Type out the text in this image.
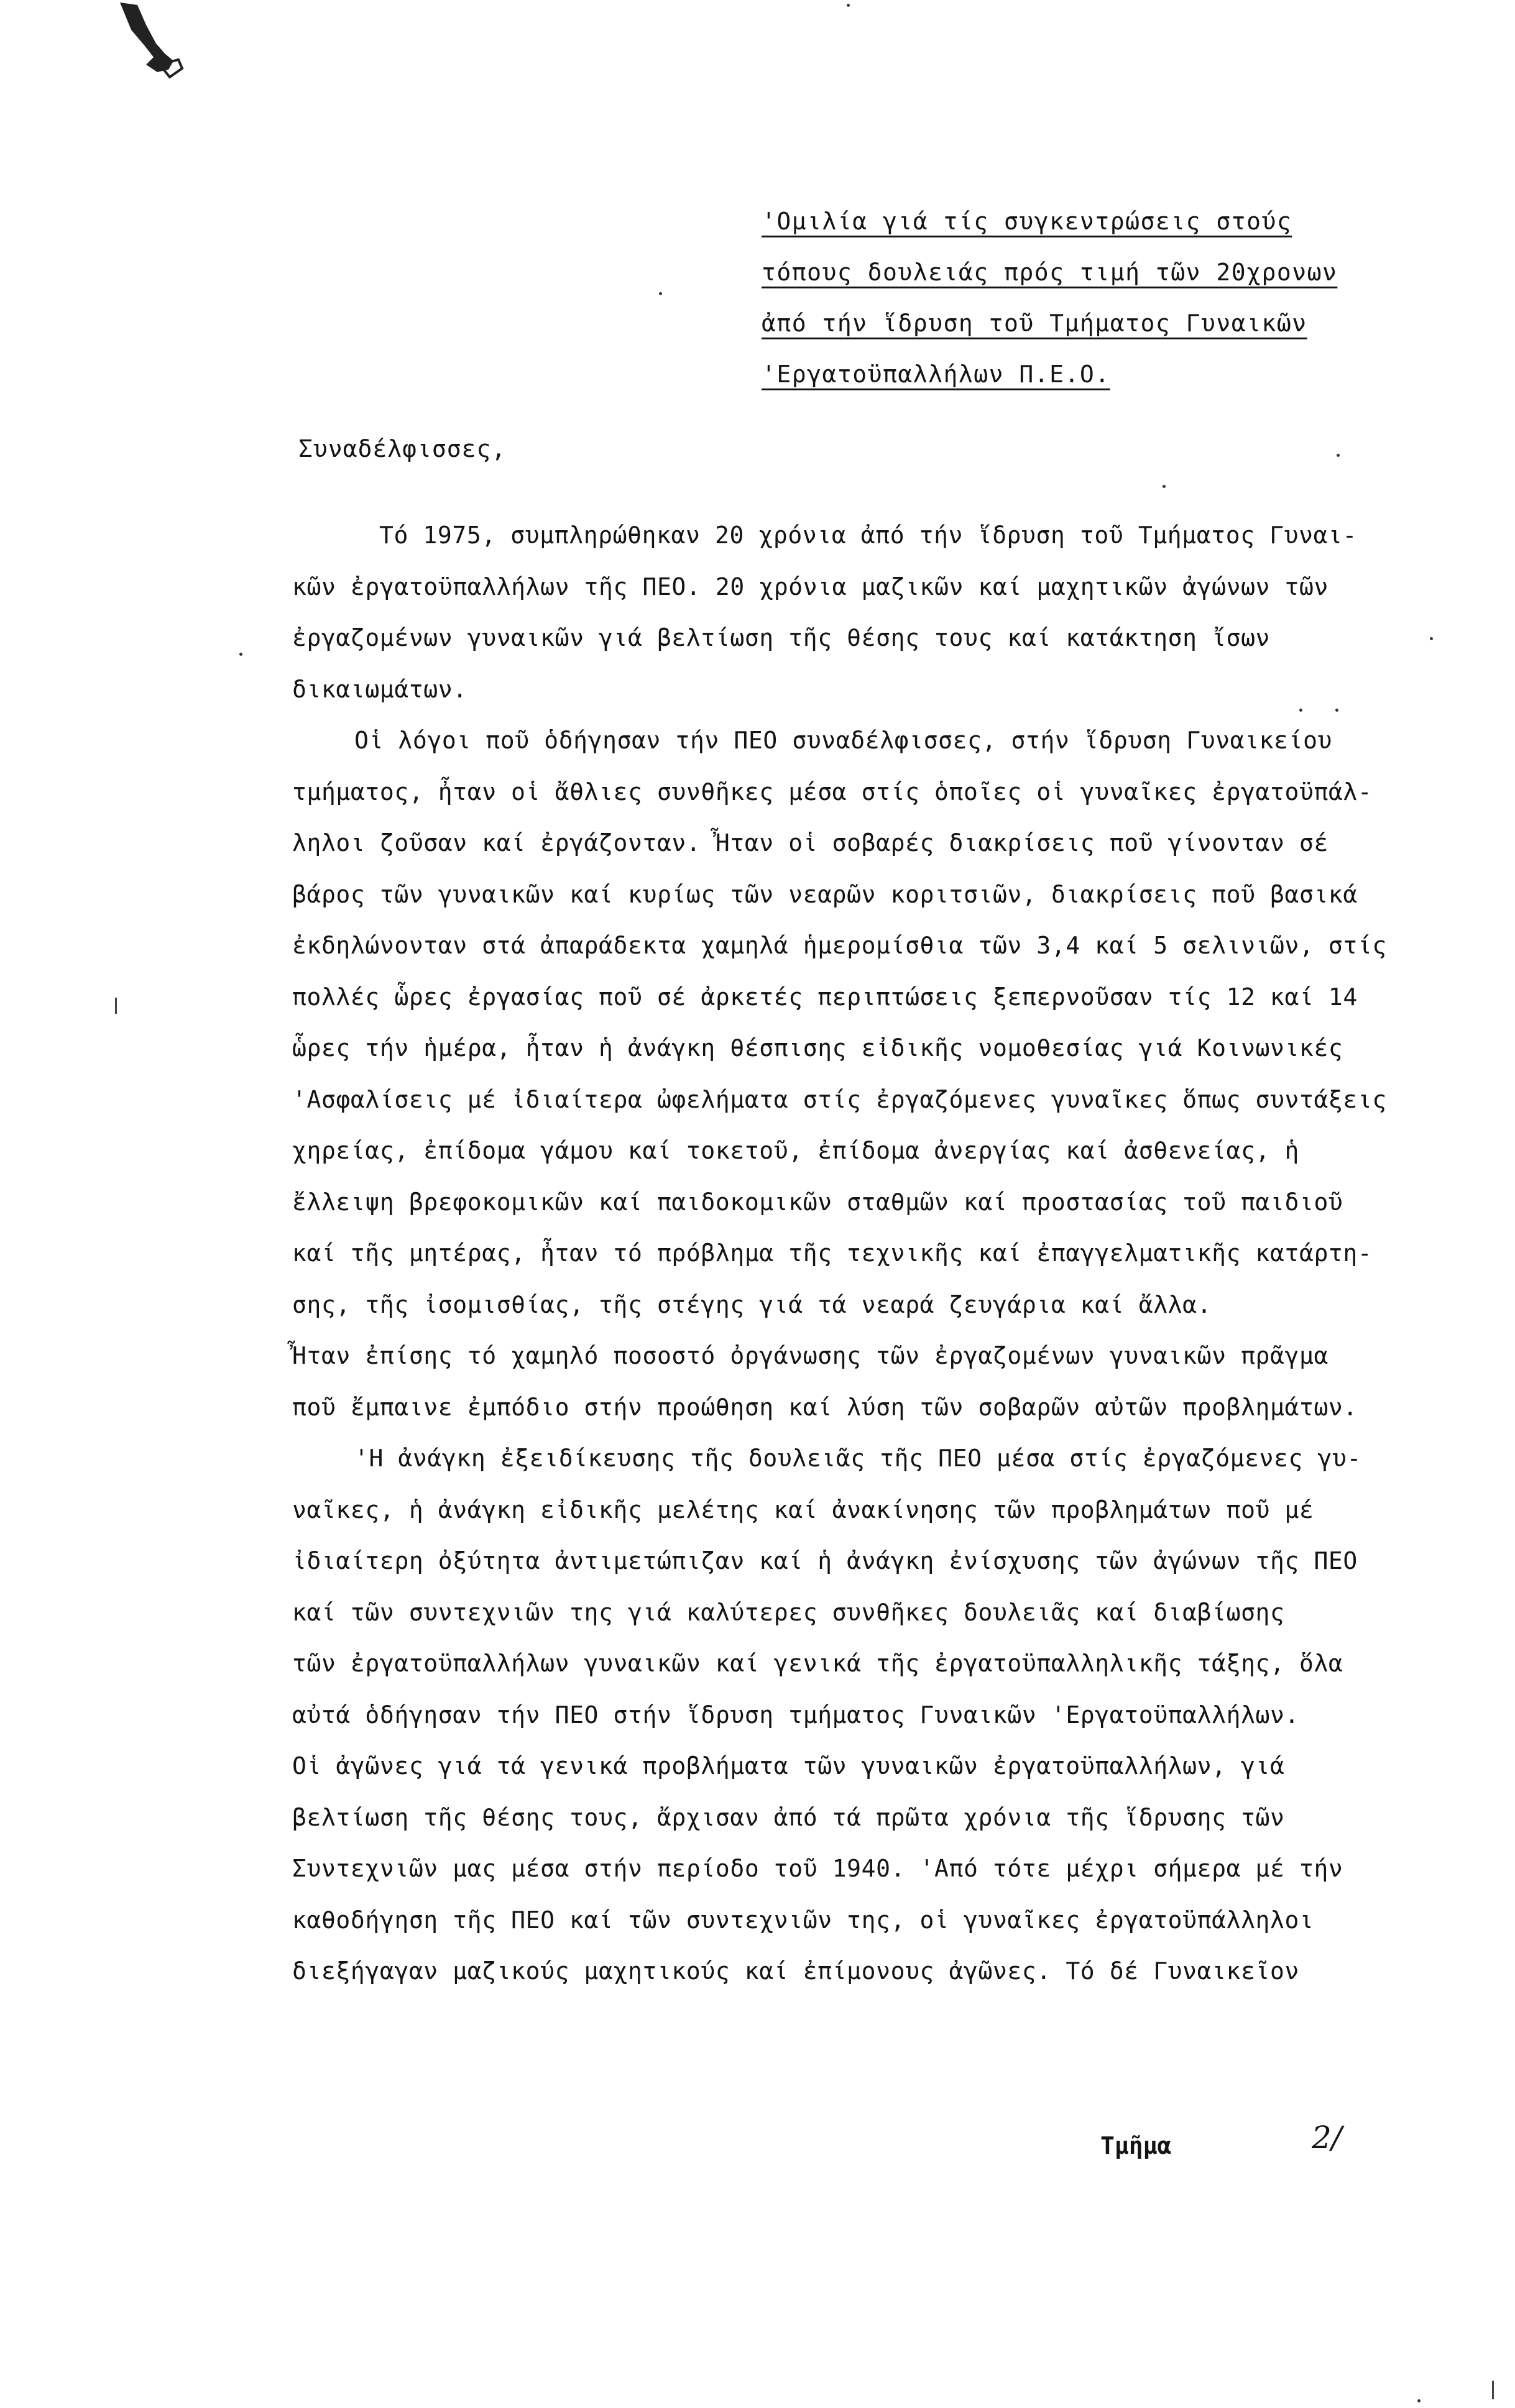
'Ομιλία γιά τίς συγκεντρώσεις στούς
τόπους δουλειάς πρός τιμή τῶν 20χρονων
ἀπό τήν ἵδρυση τοῦ Τμήματος Γυναικῶν
'Εργατοϋπαλλήλων Π.Ε.Ο.
Συναδέλφισσες,
Τό 1975, συμπληρώθηκαν 20 χρόνια ἀπό τήν ἵδρυση τοῦ Τμήματος Γυναι-
κῶν ἐργατοϋπαλλήλων τῆς ΠΕΟ. 20 χρόνια μαζικῶν καί μαχητικῶν ἀγώνων τῶν
ἐργαζομένων γυναικῶν γιά βελτίωση τῆς θέσης τους καί κατάκτηση ἴσων
δικαιωμάτων.
Οἱ λόγοι ποῦ ὁδήγησαν τήν ΠΕΟ συναδέλφισσες, στήν ἵδρυση Γυναικείου
τμήματος, ἦταν οἱ ἄθλιες συνθῆκες μέσα στίς ὁποῖες οἱ γυναῖκες ἐργατοϋπάλ-
ληλοι ζοῦσαν καί ἐργάζονταν. Ἦταν οἱ σοβαρές διακρίσεις ποῦ γίνονταν σέ
βάρος τῶν γυναικῶν καί κυρίως τῶν νεαρῶν κοριτσιῶν, διακρίσεις ποῦ βασικά
ἐκδηλώνονταν στά ἀπαράδεκτα χαμηλά ἡμερομίσθια τῶν 3,4 καί 5 σελινιῶν, στίς
πολλές ὧρες ἐργασίας ποῦ σέ ἀρκετές περιπτώσεις ξεπερνοῦσαν τίς 12 καί 14
ὧρες τήν ἡμέρα, ἦταν ἡ ἀνάγκη θέσπισης εἰδικῆς νομοθεσίας γιά Κοινωνικές
'Ασφαλίσεις μέ ἰδιαίτερα ὠφελήματα στίς ἐργαζόμενες γυναῖκες ὅπως συντάξεις
χηρείας, ἐπίδομα γάμου καί τοκετοῦ, ἐπίδομα ἀνεργίας καί ἀσθενείας, ἡ
ἔλλειψη βρεφοκομικῶν καί παιδοκομικῶν σταθμῶν καί προστασίας τοῦ παιδιοῦ
καί τῆς μητέρας, ἦταν τό πρόβλημα τῆς τεχνικῆς καί ἐπαγγελματικῆς κατάρτη-
σης, τῆς ἰσομισθίας, τῆς στέγης γιά τά νεαρά ζευγάρια καί ἄλλα.
Ἦταν ἐπίσης τό χαμηλό ποσοστό ὀργάνωσης τῶν ἐργαζομένων γυναικῶν πρᾶγμα
ποῦ ἔμπαινε ἐμπόδιο στήν προώθηση καί λύση τῶν σοβαρῶν αὐτῶν προβλημάτων.
'Η ἀνάγκη ἐξειδίκευσης τῆς δουλειᾶς τῆς ΠΕΟ μέσα στίς ἐργαζόμενες γυ-
ναῖκες, ἡ ἀνάγκη εἰδικῆς μελέτης καί ἀνακίνησης τῶν προβλημάτων ποῦ μέ
ἰδιαίτερη ὀξύτητα ἀντιμετώπιζαν καί ἡ ἀνάγκη ἐνίσχυσης τῶν ἀγώνων τῆς ΠΕΟ
καί τῶν συντεχνιῶν της γιά καλύτερες συνθῆκες δουλειᾶς καί διαβίωσης
τῶν ἐργατοϋπαλλήλων γυναικῶν καί γενικά τῆς ἐργατοϋπαλληλικῆς τάξης, ὅλα
αὐτά ὁδήγησαν τήν ΠΕΟ στήν ἵδρυση τμήματος Γυναικῶν 'Εργατοϋπαλλήλων.
Οἱ ἀγῶνες γιά τά γενικά προβλήματα τῶν γυναικῶν ἐργατοϋπαλλήλων, γιά
βελτίωση τῆς θέσης τους, ἄρχισαν ἀπό τά πρῶτα χρόνια τῆς ἵδρυσης τῶν
Συντεχνιῶν μας μέσα στήν περίοδο τοῦ 1940. 'Από τότε μέχρι σήμερα μέ τήν
καθοδήγηση τῆς ΠΕΟ καί τῶν συντεχνιῶν της, οἱ γυναῖκες ἐργατοϋπάλληλοι
διεξήγαγαν μαζικούς μαχητικούς καί ἐπίμονους ἀγῶνες. Τό δέ Γυναικεῖον
Τμῆμα	2/
